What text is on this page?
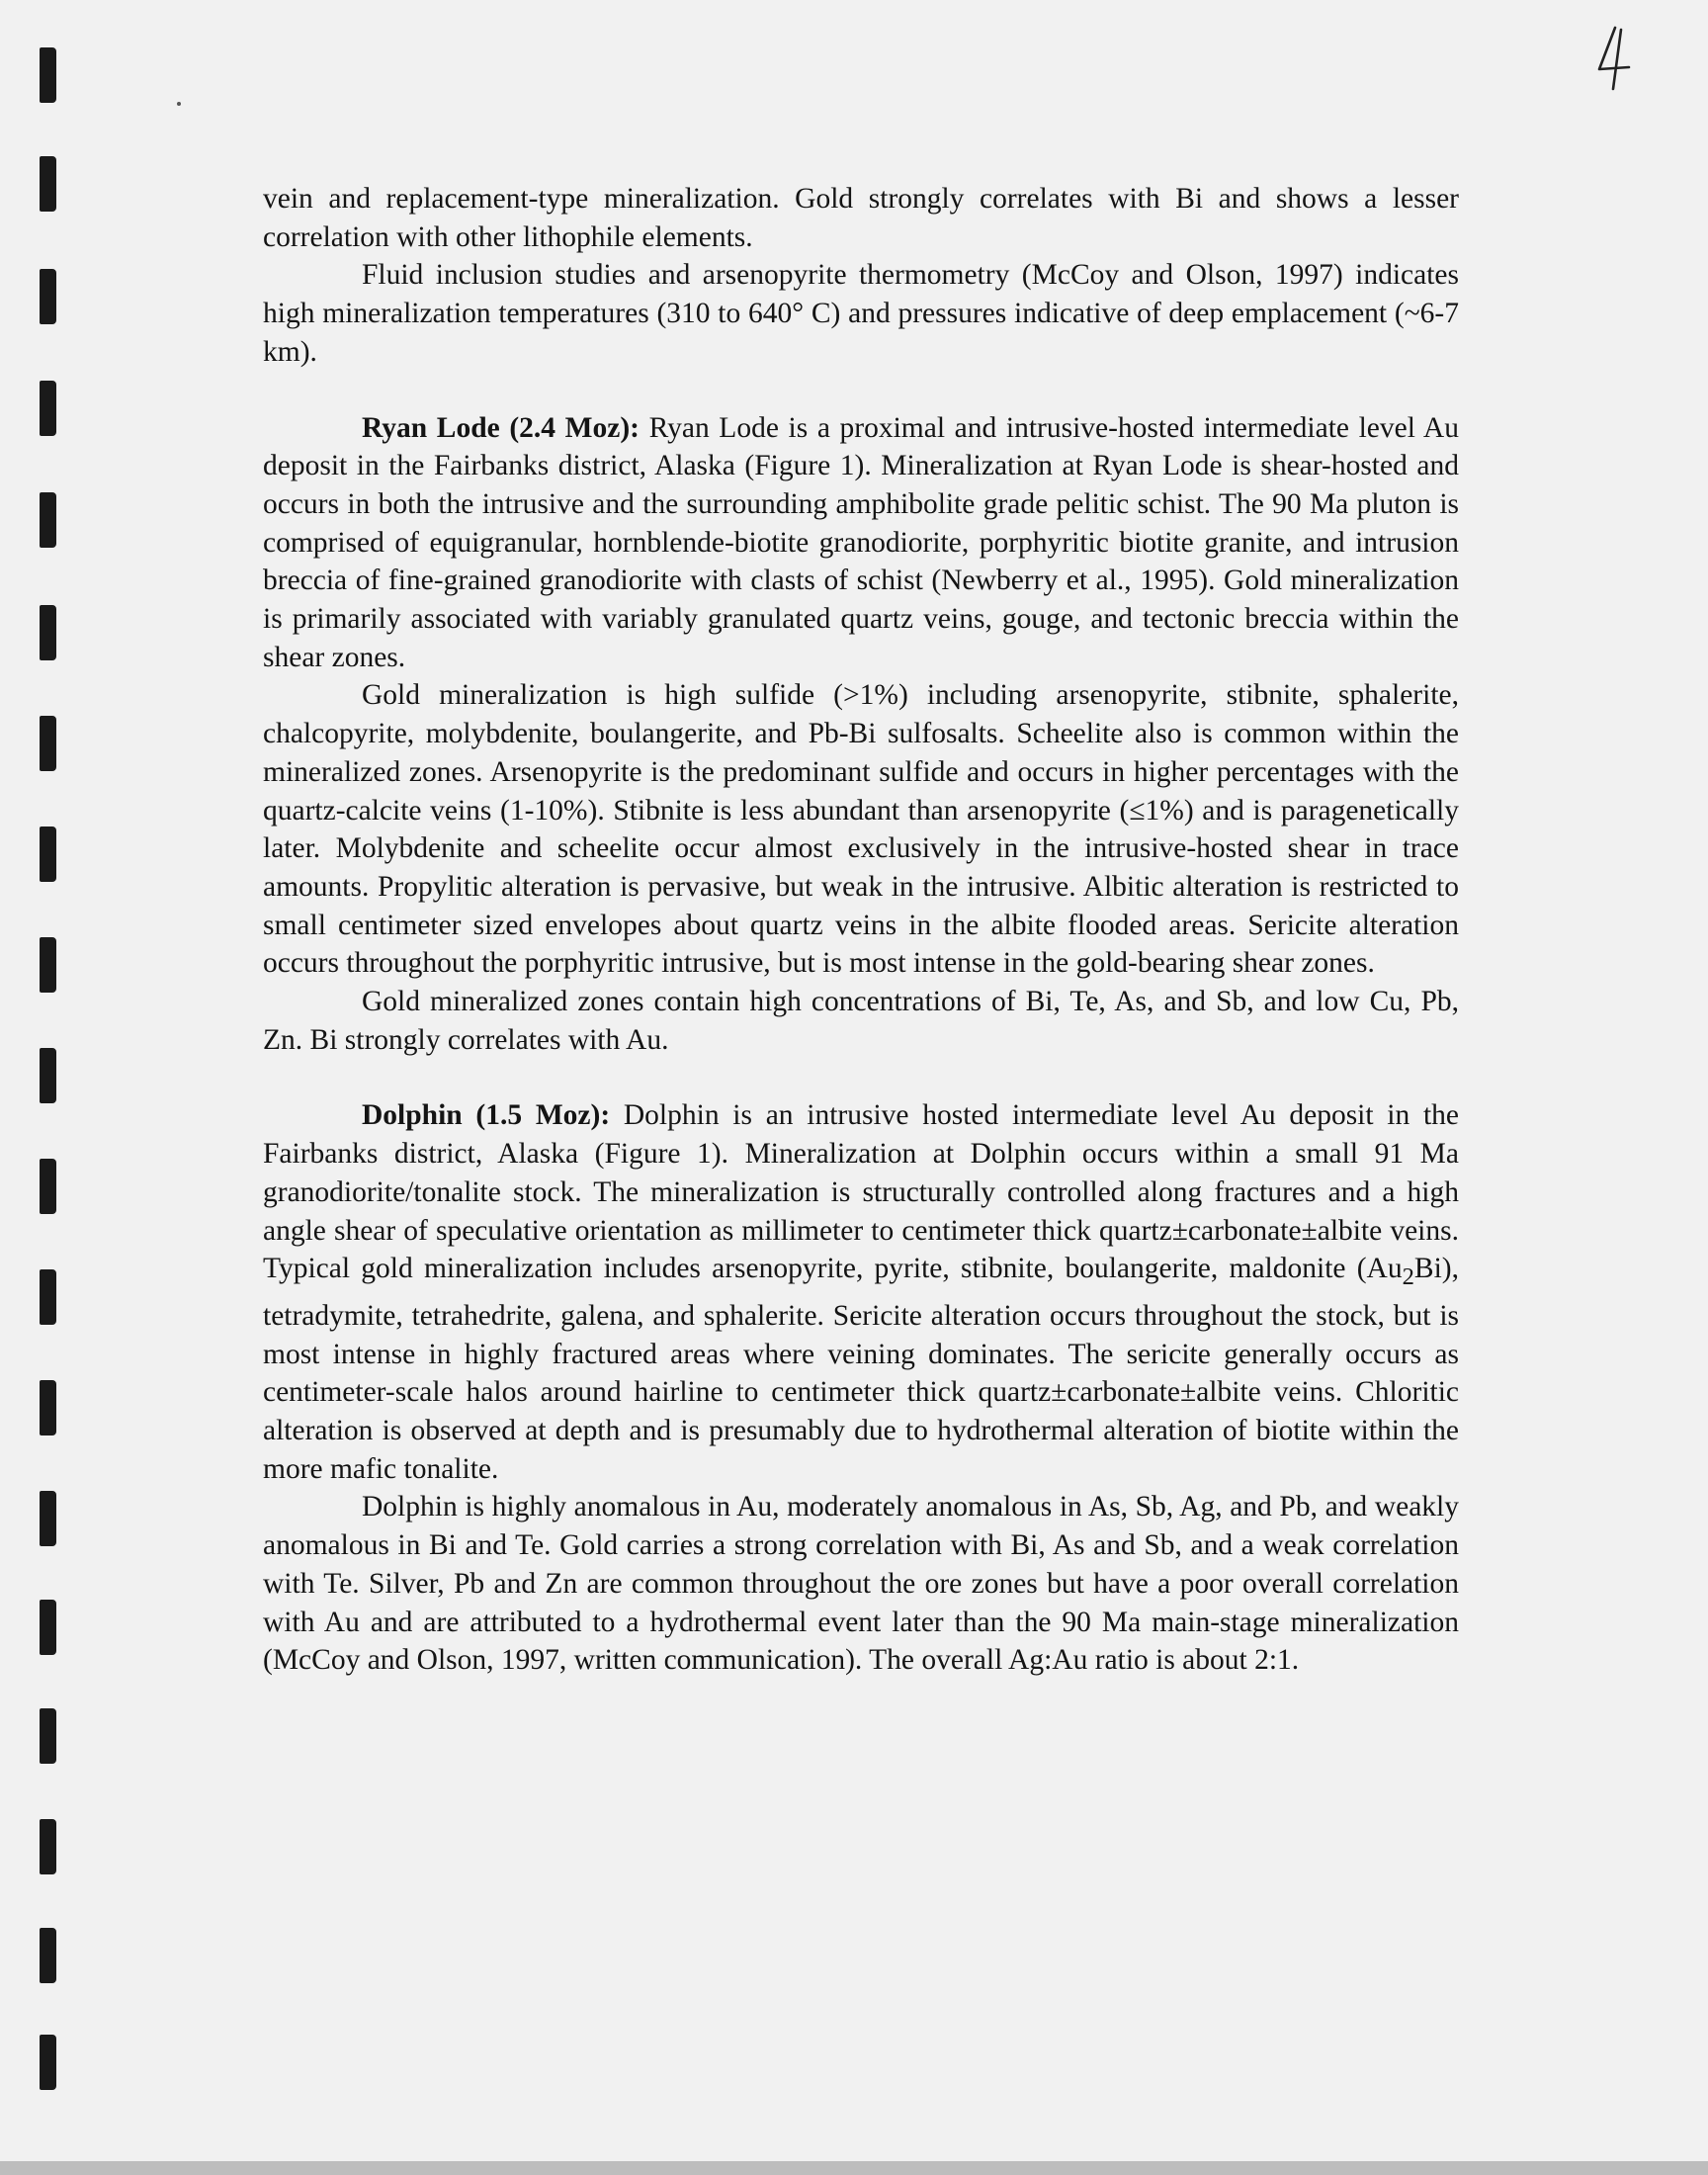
vein and replacement-type mineralization. Gold strongly correlates with Bi and shows a lesser correlation with other lithophile elements.

Fluid inclusion studies and arsenopyrite thermometry (McCoy and Olson, 1997) indicates high mineralization temperatures (310 to 640° C) and pressures indicative of deep emplacement (~6-7 km).

Ryan Lode (2.4 Moz): Ryan Lode is a proximal and intrusive-hosted intermediate level Au deposit in the Fairbanks district, Alaska (Figure 1). Mineralization at Ryan Lode is shear-hosted and occurs in both the intrusive and the surrounding amphibolite grade pelitic schist. The 90 Ma pluton is comprised of equigranular, hornblende-biotite granodiorite, porphyritic biotite granite, and intrusion breccia of fine-grained granodiorite with clasts of schist (Newberry et al., 1995). Gold mineralization is primarily associated with variably granulated quartz veins, gouge, and tectonic breccia within the shear zones.

Gold mineralization is high sulfide (>1%) including arsenopyrite, stibnite, sphalerite, chalcopyrite, molybdenite, boulangerite, and Pb-Bi sulfosalts. Scheelite also is common within the mineralized zones. Arsenopyrite is the predominant sulfide and occurs in higher percentages with the quartz-calcite veins (1-10%). Stibnite is less abundant than arsenopyrite (≤1%) and is paragenetically later. Molybdenite and scheelite occur almost exclusively in the intrusive-hosted shear in trace amounts. Propylitic alteration is pervasive, but weak in the intrusive. Albitic alteration is restricted to small centimeter sized envelopes about quartz veins in the albite flooded areas. Sericite alteration occurs throughout the porphyritic intrusive, but is most intense in the gold-bearing shear zones.

Gold mineralized zones contain high concentrations of Bi, Te, As, and Sb, and low Cu, Pb, Zn. Bi strongly correlates with Au.

Dolphin (1.5 Moz): Dolphin is an intrusive hosted intermediate level Au deposit in the Fairbanks district, Alaska (Figure 1). Mineralization at Dolphin occurs within a small 91 Ma granodiorite/tonalite stock. The mineralization is structurally controlled along fractures and a high angle shear of speculative orientation as millimeter to centimeter thick quartz±carbonate±albite veins. Typical gold mineralization includes arsenopyrite, pyrite, stibnite, boulangerite, maldonite $(Au_2Bi)$, tetradymite, tetrahedrite, galena, and sphalerite. Sericite alteration occurs throughout the stock, but is most intense in highly fractured areas where veining dominates. The sericite generally occurs as centimeter-scale halos around hairline to centimeter thick quartz±carbonate±albite veins. Chloritic alteration is observed at depth and is presumably due to hydrothermal alteration of biotite within the more mafic tonalite.

Dolphin is highly anomalous in Au, moderately anomalous in As, Sb, Ag, and Pb, and weakly anomalous in Bi and Te. Gold carries a strong correlation with Bi, As and Sb, and a weak correlation with Te. Silver, Pb and Zn are common throughout the ore zones but have a poor overall correlation with Au and are attributed to a hydrothermal event later than the 90 Ma main-stage mineralization (McCoy and Olson, 1997, written communication). The overall Ag:Au ratio is about 2:1.
